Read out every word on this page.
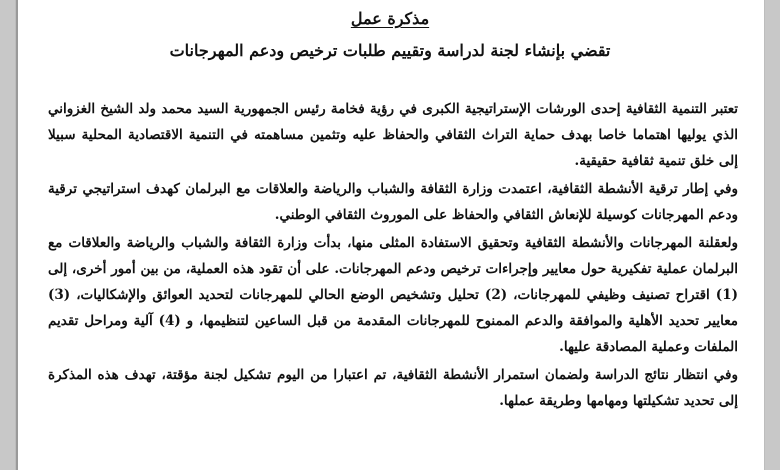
مذكرة عمل
تقضي بإنشاء لجنة لدراسة وتقييم طلبات ترخيص ودعم المهرجانات

تعتبر التنمية الثقافية إحدى الورشات الإستراتيجية الكبرى في رؤية فخامة رئيس الجمهورية السيد محمد ولد الشيخ الغزواني الذي يوليها اهتماما خاصا بهدف حماية التراث الثقافي والحفاظ عليه وتثمين مساهمته في التنمية الاقتصادية المحلية سبيلا إلى خلق تنمية ثقافية حقيقية.

وفي إطار ترقية الأنشطة الثقافية، اعتمدت وزارة الثقافة والشباب والرياضة والعلاقات مع البرلمان كهدف استراتيجي ترقية ودعم المهرجانات كوسيلة للإنعاش الثقافي والحفاظ على الموروث الثقافي الوطني.

ولعقلنة المهرجانات والأنشطة الثقافية وتحقيق الاستفادة المثلى منها، بدأت وزارة الثقافة والشباب والرياضة والعلاقات مع البرلمان عملية تفكيرية حول معايير وإجراءات ترخيص ودعم المهرجانات. على أن تقود هذه العملية، من بين أمور أخرى، إلى (1) اقتراح تصنيف وظيفي للمهرجانات، (2) تحليل وتشخيص الوضع الحالي للمهرجانات لتحديد العوائق والإشكاليات، (3) معايير تحديد الأهلية والموافقة والدعم الممنوح للمهرجانات المقدمة من قبل الساعين لتنظيمها، و (4) آلية ومراحل تقديم الملفات وعملية المصادقة عليها.

وفي انتظار نتائج الدراسة ولضمان استمرار الأنشطة الثقافية، تم اعتبارا من اليوم تشكيل لجنة مؤقتة، تهدف هذه المذكرة إلى تحديد تشكيلتها ومهامها وطريقة عملها.
